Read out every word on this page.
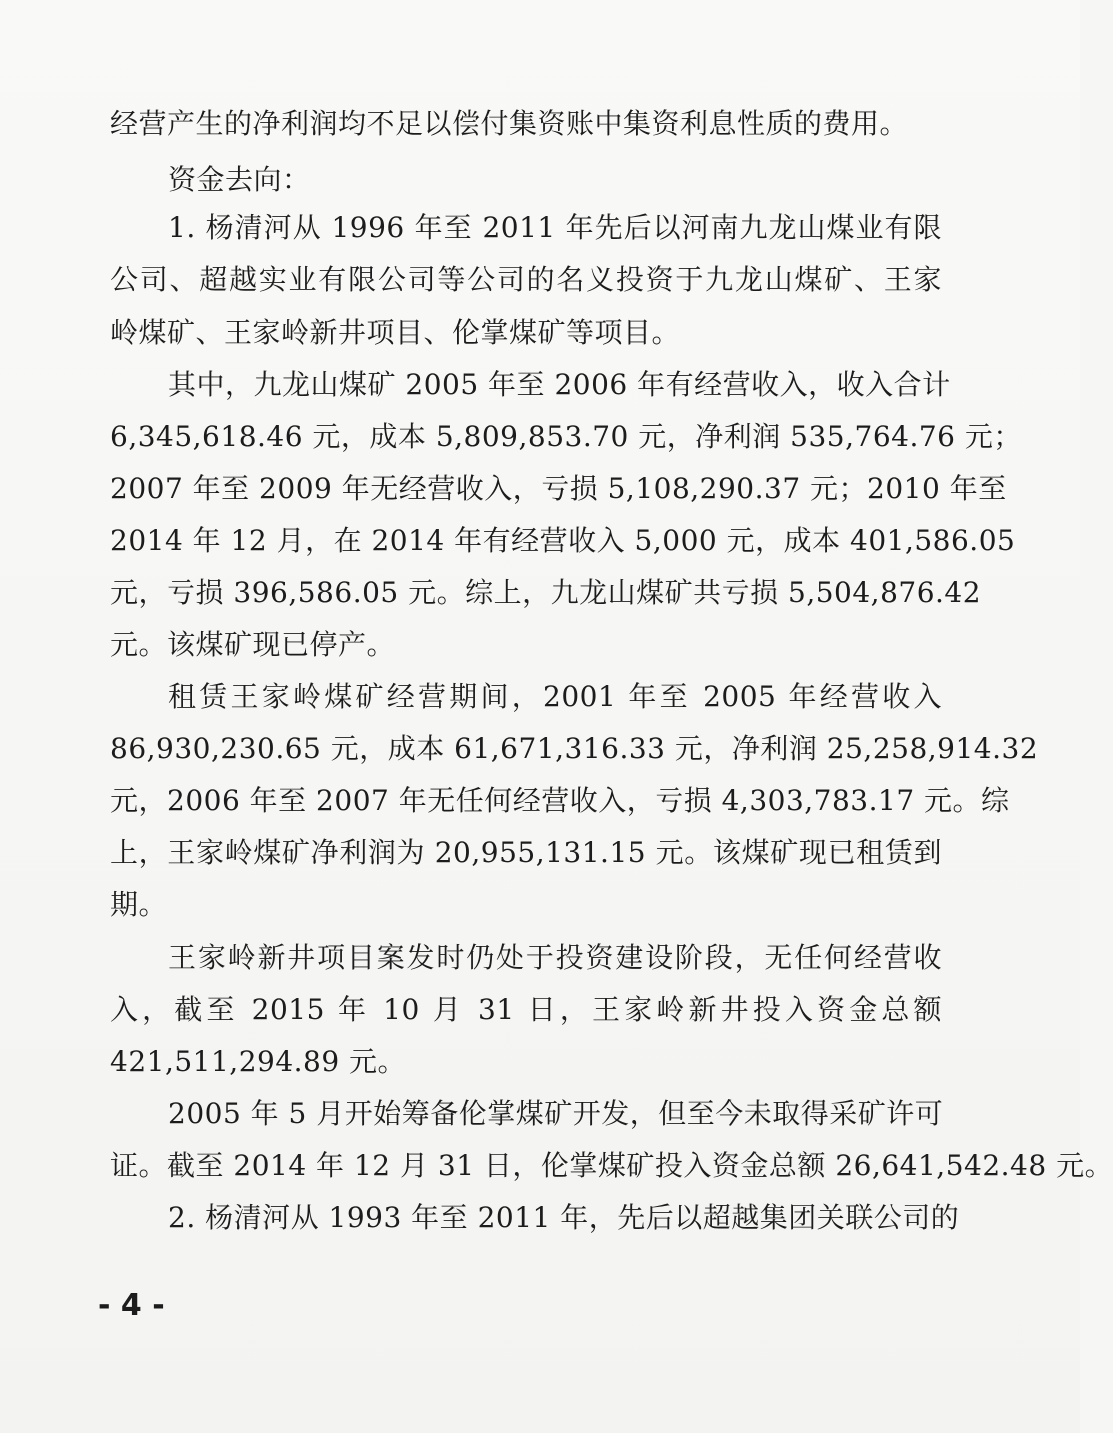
经营产生的净利润均不足以偿付集资账中集资利息性质的费用。
资金去向：
1. 杨清河从 1996 年至 2011 年先后以河南九龙山煤业有限
公司、超越实业有限公司等公司的名义投资于九龙山煤矿、王家
岭煤矿、王家岭新井项目、伦掌煤矿等项目。
其中，九龙山煤矿 2005 年至 2006 年有经营收入，收入合计
6,345,618.46 元，成本 5,809,853.70 元，净利润 535,764.76 元；
2007 年至 2009 年无经营收入，亏损 5,108,290.37 元；2010 年至
2014 年 12 月，在 2014 年有经营收入 5,000 元，成本 401,586.05
元，亏损 396,586.05 元。综上，九龙山煤矿共亏损 5,504,876.42
元。该煤矿现已停产。
租赁王家岭煤矿经营期间，2001 年至 2005 年经营收入
86,930,230.65 元，成本 61,671,316.33 元，净利润 25,258,914.32
元，2006 年至 2007 年无任何经营收入，亏损 4,303,783.17 元。综
上，王家岭煤矿净利润为 20,955,131.15 元。该煤矿现已租赁到
期。
王家岭新井项目案发时仍处于投资建设阶段，无任何经营收
入，截至 2015 年 10 月 31 日，王家岭新井投入资金总额
421,511,294.89 元。
2005 年 5 月开始筹备伦掌煤矿开发，但至今未取得采矿许可
证。截至 2014 年 12 月 31 日，伦掌煤矿投入资金总额 26,641,542.48 元。
2. 杨清河从 1993 年至 2011 年，先后以超越集团关联公司的
- 4 -
